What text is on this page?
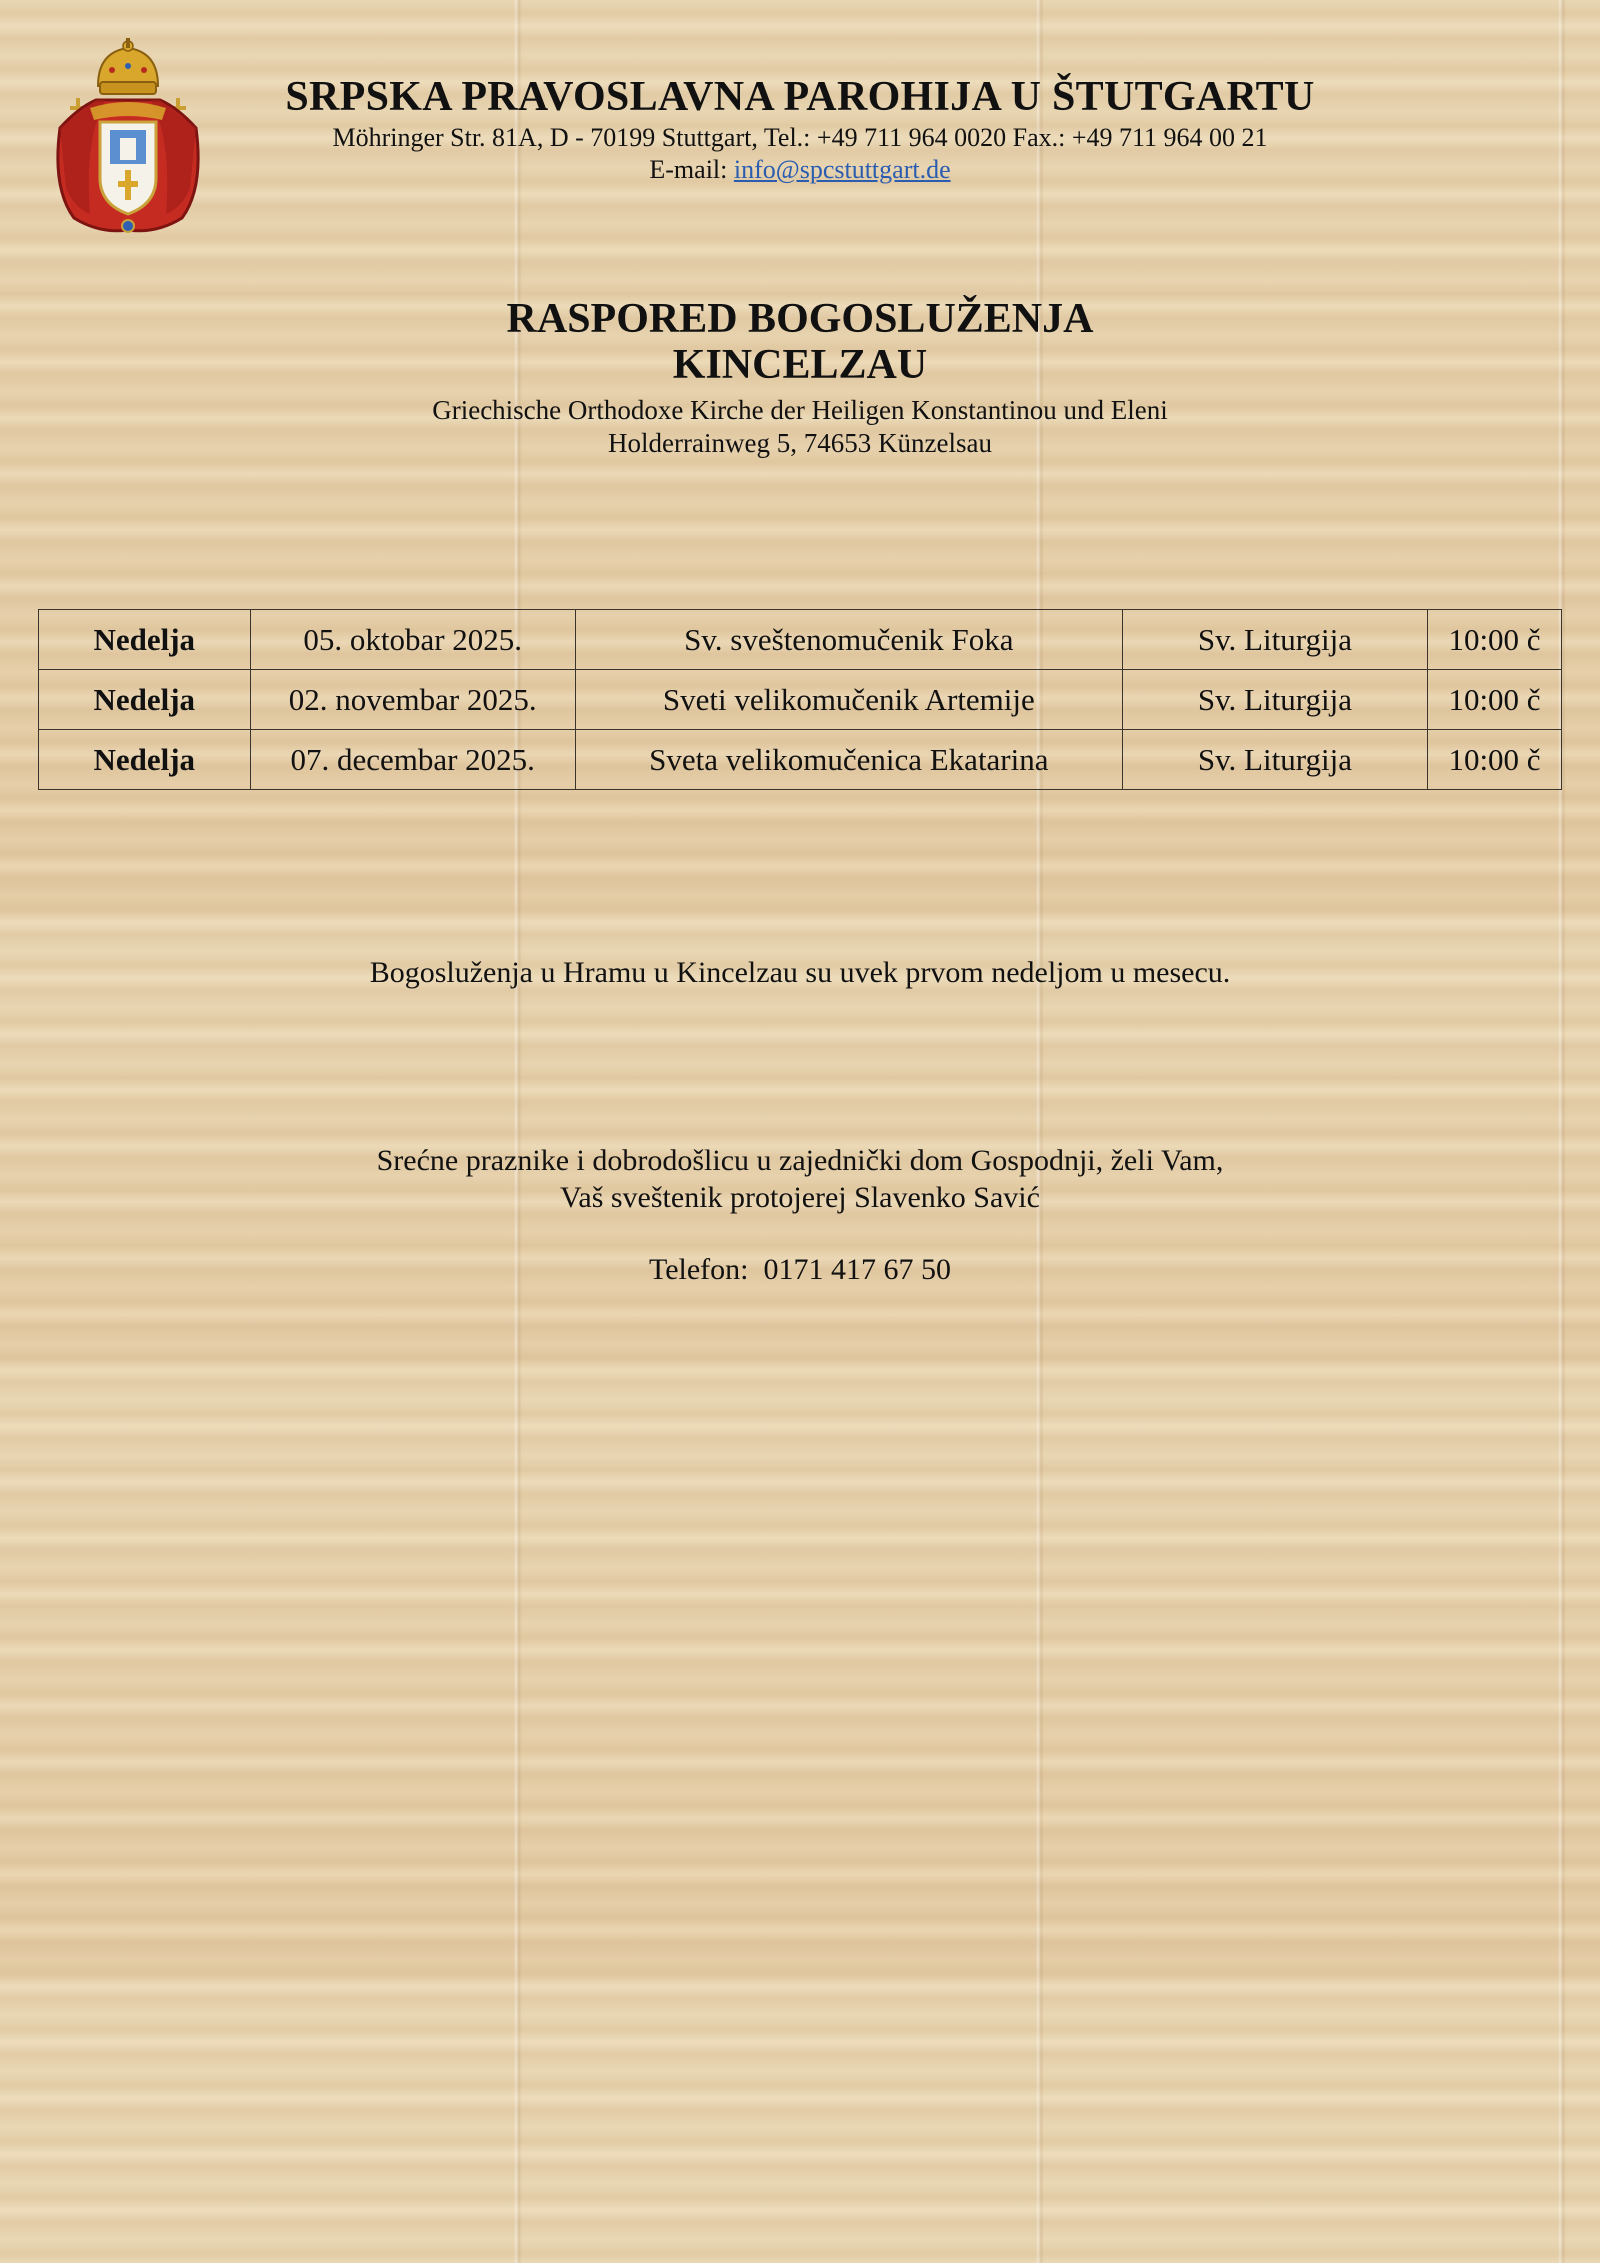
SRPSKA PRAVOSLAVNA PAROHIJA U ŠTUTGARTU
Möhringer Str. 81A, D - 70199 Stuttgart, Tel.: +49 711 964 0020 Fax.: +49 711 964 00 21
E-mail: info@spcstuttgart.de
RASPORED BOGOSLUŽENJA
KINCELZAU
Griechische Orthodoxe Kirche der Heiligen Konstantinou und Eleni
Holderrainweg 5, 74653 Künzelsau
Nedelja	05. oktobar 2025.	Sv. sveštenomučenik Foka	Sv. Liturgija	10:00 č
Nedelja	02. novembar 2025.	Sveti velikomučenik Artemije	Sv. Liturgija	10:00 č
Nedelja	07. decembar 2025.	Sveta velikomučenica Ekatarina	Sv. Liturgija	10:00 č
Bogosluženja u Hramu u Kincelzau su uvek prvom nedeljom u mesecu.
Srećne praznike i dobrodošlicu u zajednički dom Gospodnji, želi Vam,
Vaš sveštenik protojerej Slavenko Savić
Telefon: 0171 417 67 50
